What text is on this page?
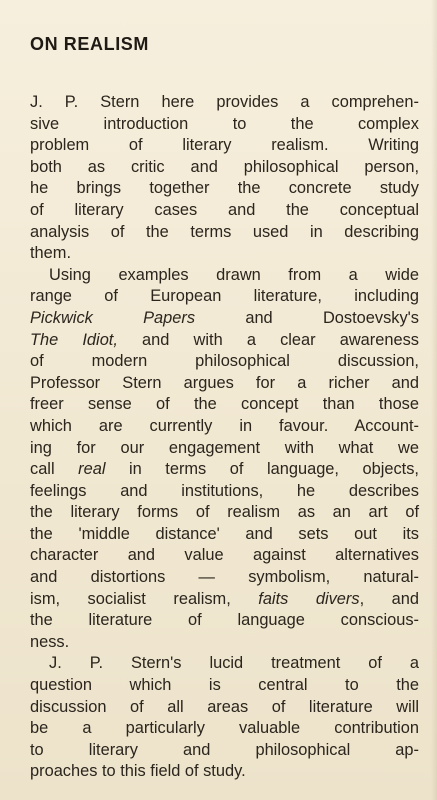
ON REALISM

J. P. Stern here provides a comprehen-
sive introduction to the complex
problem of literary realism. Writing
both as critic and philosophical person,
he brings together the concrete study
of literary cases and the conceptual
analysis of the terms used in describing
them.

Using examples drawn from a wide
range of European literature, including
Pickwick Papers and Dostoevsky's
The Idiot, and with a clear awareness
of modern philosophical discussion,
Professor Stern argues for a richer and
freer sense of the concept than those
which are currently in favour. Account-
ing for our engagement with what we
call real in terms of language, objects,
feelings and institutions, he describes
the literary forms of realism as an art of
the 'middle distance' and sets out its
character and value against alternatives
and distortions — symbolism, natural-
ism, socialist realism, faits divers, and
the literature of language conscious-
ness.

J. P. Stern's lucid treatment of a
question which is central to the
discussion of all areas of literature will
be a particularly valuable contribution
to literary and philosophical ap-
proaches to this field of study.
